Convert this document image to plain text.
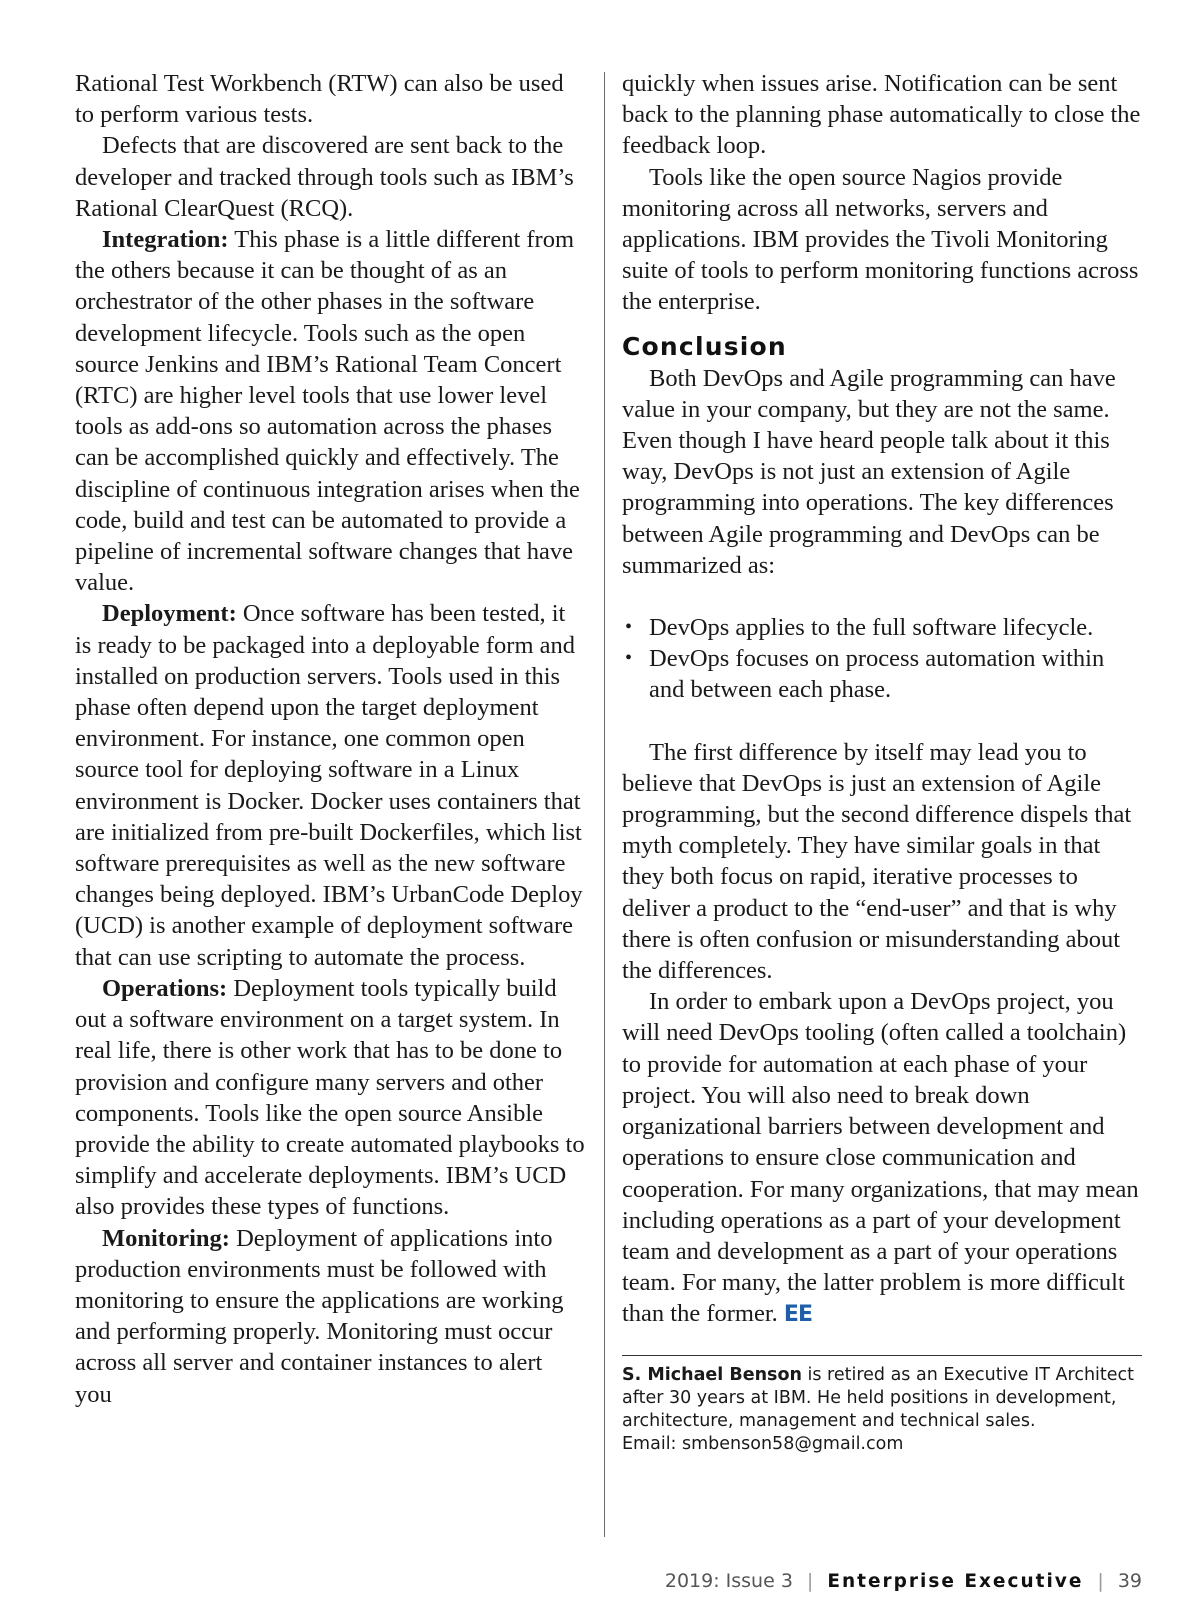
Rational Test Workbench (RTW) can also be used to perform various tests.

Defects that are discovered are sent back to the developer and tracked through tools such as IBM’s Rational ClearQuest (RCQ).

Integration: This phase is a little different from the others because it can be thought of as an orchestrator of the other phases in the software development lifecycle. Tools such as the open source Jenkins and IBM’s Rational Team Concert (RTC) are higher level tools that use lower level tools as add-ons so automation across the phases can be accomplished quickly and effectively. The discipline of continuous integration arises when the code, build and test can be automated to provide a pipeline of incremental software changes that have value.

Deployment: Once software has been tested, it is ready to be packaged into a deployable form and installed on production servers. Tools used in this phase often depend upon the target deployment environment. For instance, one common open source tool for deploying software in a Linux environment is Docker. Docker uses containers that are initialized from pre-built Dockerfiles, which list software prerequisites as well as the new software changes being deployed. IBM’s UrbanCode Deploy (UCD) is another example of deployment software that can use scripting to automate the process.

Operations: Deployment tools typically build out a software environment on a target system. In real life, there is other work that has to be done to provision and configure many servers and other components. Tools like the open source Ansible provide the ability to create automated playbooks to simplify and accelerate deployments. IBM’s UCD also provides these types of functions.

Monitoring: Deployment of applications into production environments must be followed with monitoring to ensure the applications are working and performing properly. Monitoring must occur across all server and container instances to alert you

quickly when issues arise. Notification can be sent back to the planning phase automatically to close the feedback loop.

Tools like the open source Nagios provide monitoring across all networks, servers and applications. IBM provides the Tivoli Monitoring suite of tools to perform monitoring functions across the enterprise.

Conclusion

Both DevOps and Agile programming can have value in your company, but they are not the same. Even though I have heard people talk about it this way, DevOps is not just an extension of Agile programming into operations. The key differences between Agile programming and DevOps can be summarized as:

• DevOps applies to the full software lifecycle.
• DevOps focuses on process automation within and between each phase.

The first difference by itself may lead you to believe that DevOps is just an extension of Agile programming, but the second difference dispels that myth completely. They have similar goals in that they both focus on rapid, iterative processes to deliver a product to the “end-user” and that is why there is often confusion or misunderstanding about the differences.

In order to embark upon a DevOps project, you will need DevOps tooling (often called a toolchain) to provide for automation at each phase of your project. You will also need to break down organizational barriers between development and operations to ensure close communication and cooperation. For many organizations, that may mean including operations as a part of your development team and development as a part of your operations team. For many, the latter problem is more difficult than the former. EE

S. Michael Benson is retired as an Executive IT Architect after 30 years at IBM. He held positions in development, architecture, management and technical sales.
Email: smbenson58@gmail.com
2019: Issue 3 | Enterprise Executive | 39
